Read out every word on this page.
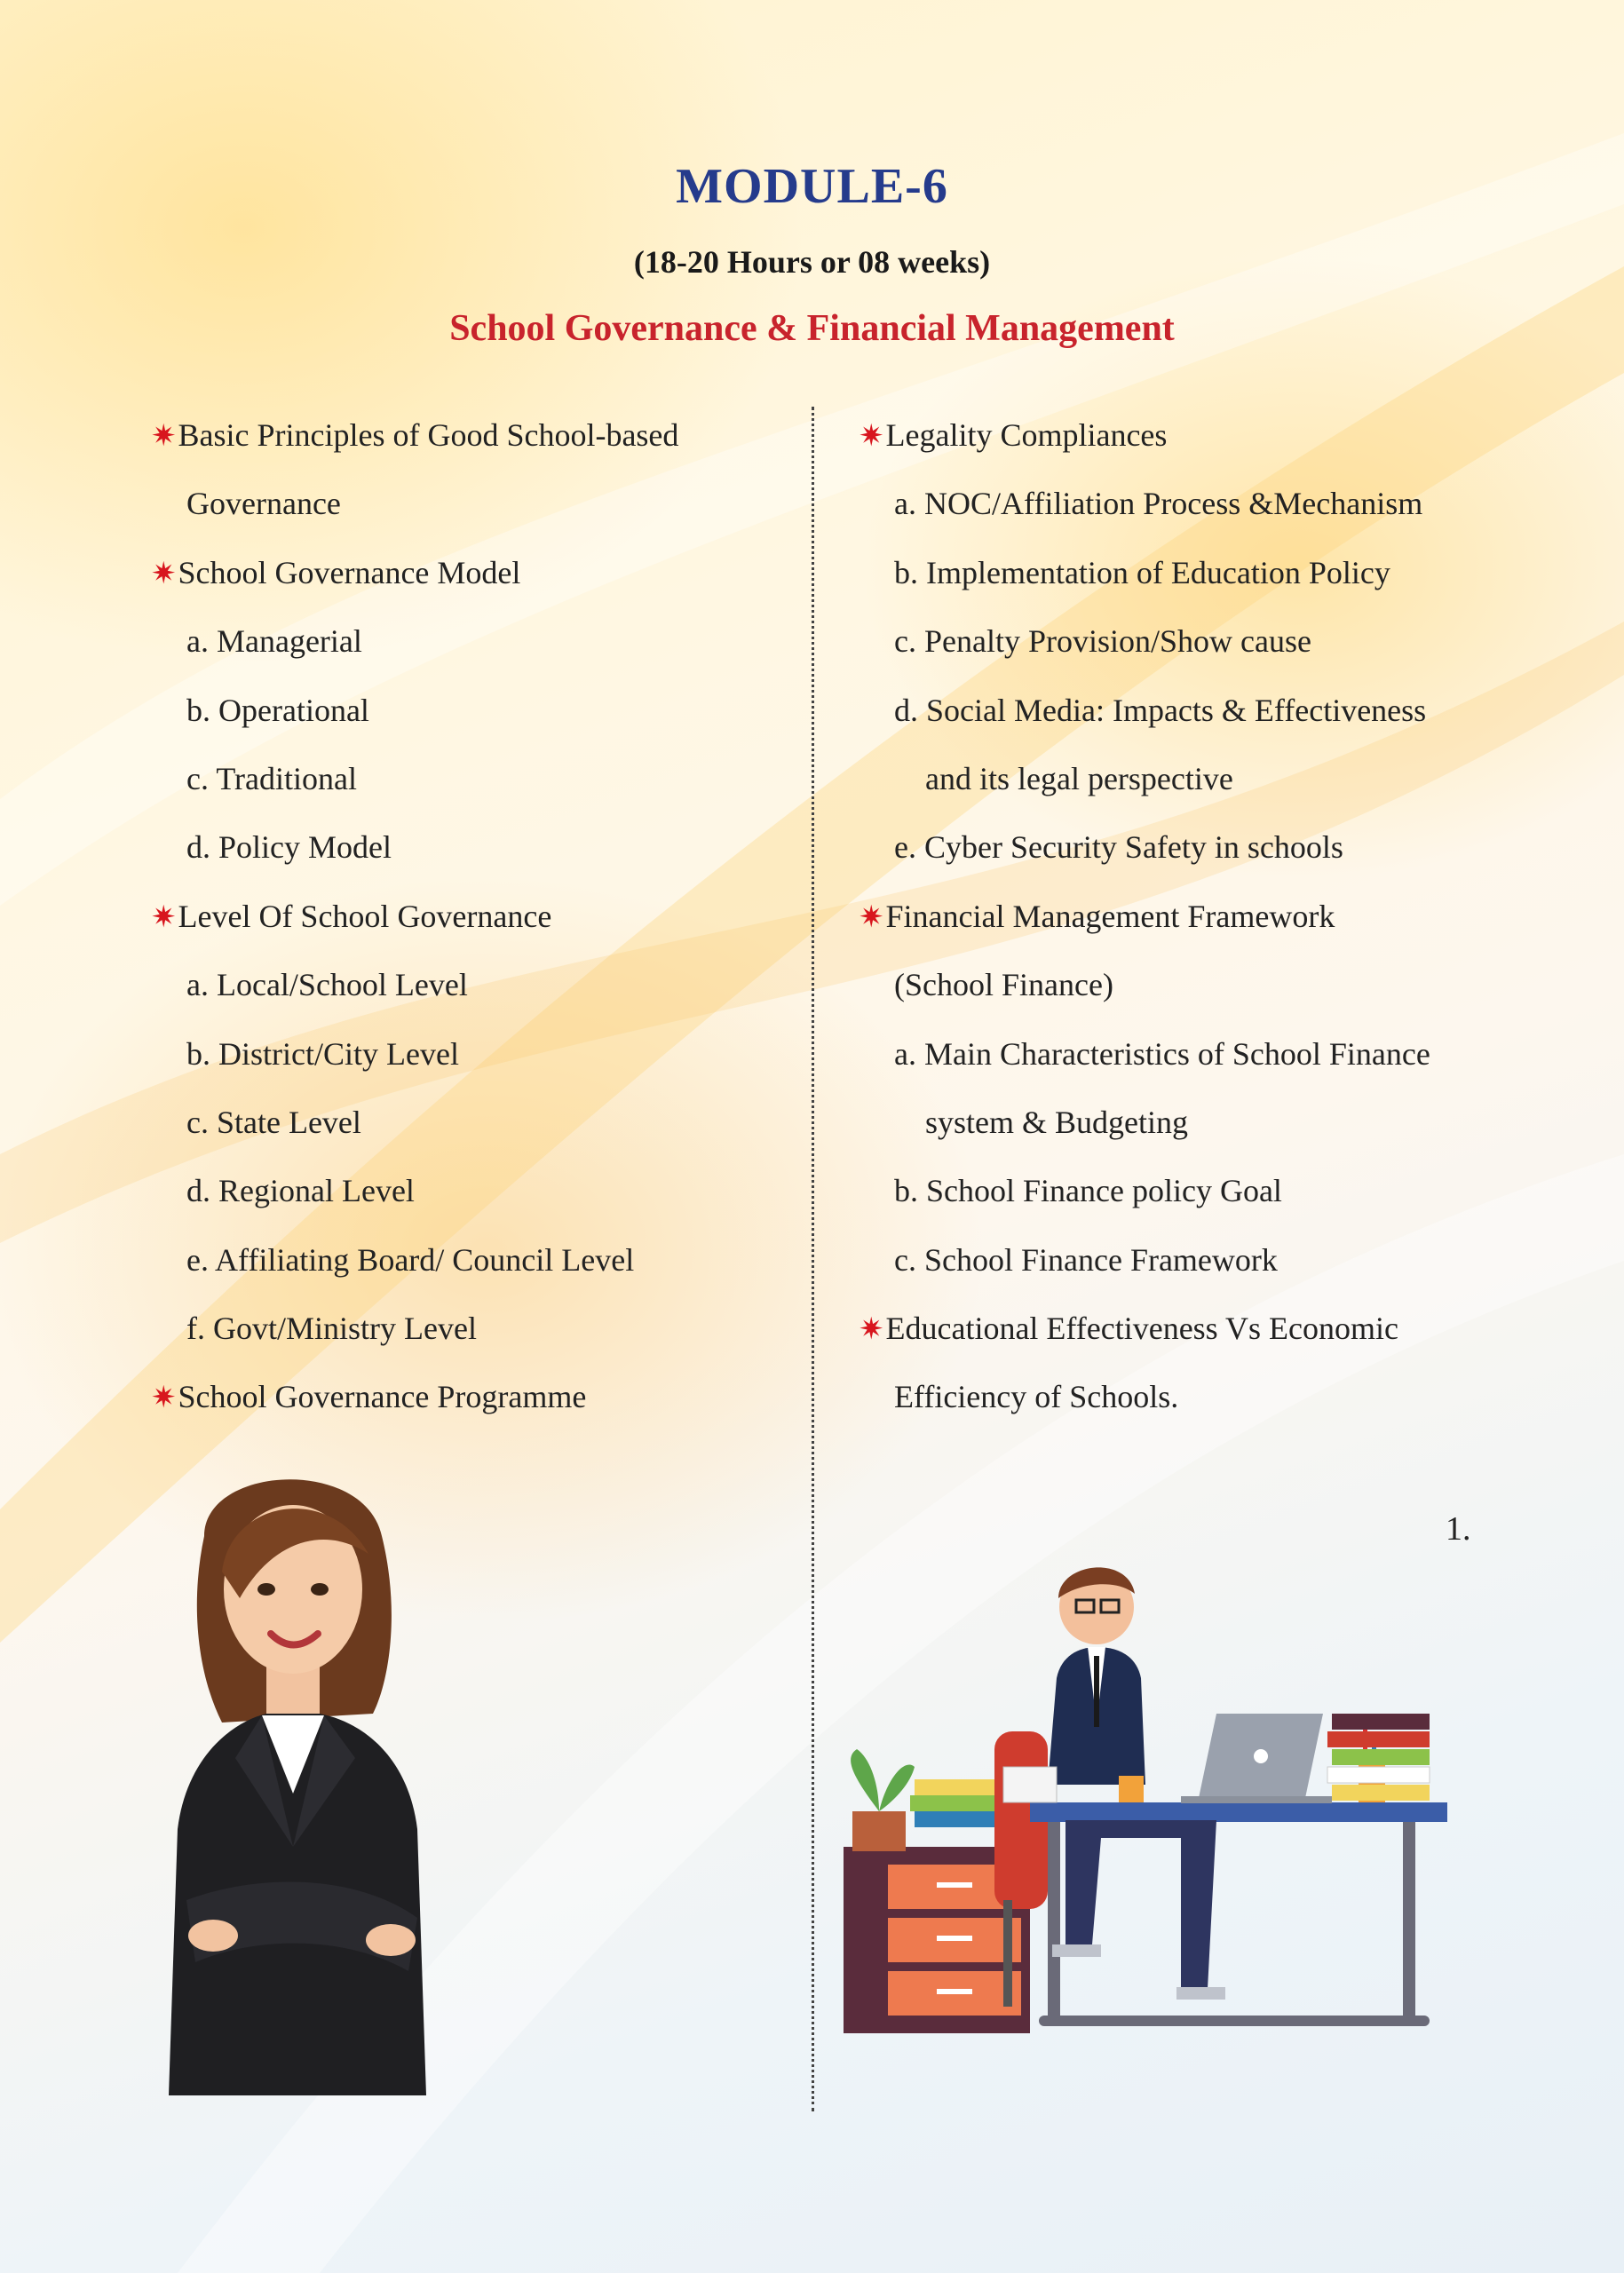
MODULE-6
(18-20 Hours or 08 weeks)
School Governance & Financial Management
✷Basic Principles of Good School-based
Governance
✷School Governance Model
a. Managerial
b. Operational
c. Traditional
d. Policy Model
✷Level Of School Governance
a. Local/School Level
b. District/City Level
c. State Level
d. Regional Level
e. Affiliating Board/ Council Level
f. Govt/Ministry Level
✷School Governance Programme
✷Legality Compliances
a. NOC/Affiliation Process &Mechanism
b. Implementation of Education Policy
c. Penalty Provision/Show cause
d. Social Media: Impacts & Effectiveness
and its legal perspective
e. Cyber Security Safety in schools
✷Financial Management Framework
(School Finance)
a. Main Characteristics of School Finance
system & Budgeting
b. School Finance policy Goal
c. School Finance Framework
✷Educational Effectiveness Vs Economic
Efficiency of Schools.
1.
